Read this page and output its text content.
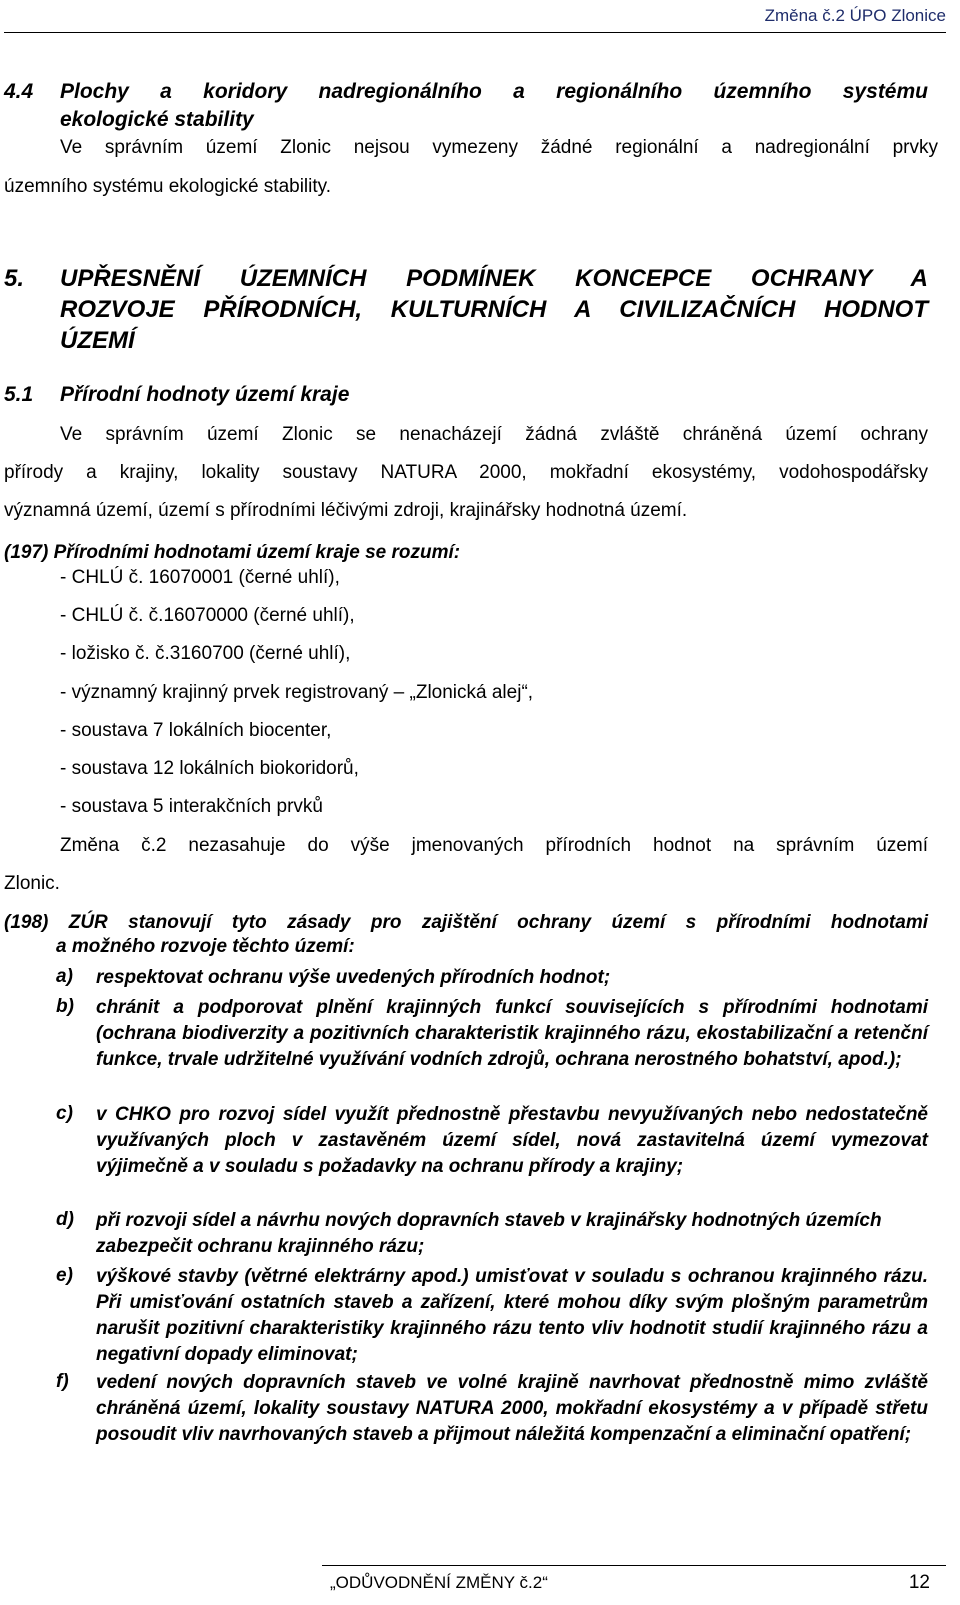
Změna č.2 ÚPO Zlonice
4.4 Plochy a koridory nadregionálního a regionálního územního systému
ekologické stability
Ve správním území Zlonic nejsou vymezeny žádné regionální a nadregionální prvky
územního systému ekologické stability.
5. UPŘESNĚNÍ ÚZEMNÍCH PODMÍNEK KONCEPCE OCHRANY A
ROZVOJE PŘÍRODNÍCH, KULTURNÍCH A CIVILIZAČNÍCH HODNOT
ÚZEMÍ
5.1 Přírodní hodnoty území kraje
Ve správním území Zlonic se nenacházejí žádná zvláště chráněná území ochrany
přírody a krajiny, lokality soustavy NATURA 2000, mokřadní ekosystémy, vodohospodářsky
významná území, území s přírodními léčivými zdroji, krajinářsky hodnotná území.
(197) Přírodními hodnotami území kraje se rozumí:
- CHLÚ č. 16070001 (černé uhlí),
- CHLÚ č. č.16070000 (černé uhlí),
- ložisko č. č.3160700 (černé uhlí),
- významný krajinný prvek registrovaný – „Zlonická alej“,
- soustava 7 lokálních biocenter,
- soustava 12 lokálních biokoridorů,
- soustava 5 interakčních prvků
Změna č.2 nezasahuje do výše jmenovaných přírodních hodnot na správním území
Zlonic.
(198) ZÚR stanovují tyto zásady pro zajištění ochrany území s přírodními hodnotami
a možného rozvoje těchto území:
a) respektovat ochranu výše uvedených přírodních hodnot;
b) chránit a podporovat plnění krajinných funkcí souvisejících s přírodními hodnotami (ochrana biodiverzity a pozitivních charakteristik krajinného rázu, ekostabilizační a retenční funkce, trvale udržitelné využívání vodních zdrojů, ochrana nerostného bohatství, apod.);
c) v CHKO pro rozvoj sídel využít přednostně přestavbu nevyužívaných nebo nedostatečně využívaných ploch v zastavěném území sídel, nová zastavitelná území vymezovat výjimečně a v souladu s požadavky na ochranu přírody a krajiny;
d) při rozvoji sídel a návrhu nových dopravních staveb v krajinářsky hodnotných územích zabezpečit ochranu krajinného rázu;
e) výškové stavby (větrné elektrárny apod.) umisťovat v souladu s ochranou krajinného rázu. Při umisťování ostatních staveb a zařízení, které mohou díky svým plošným parametrům narušit pozitivní charakteristiky krajinného rázu tento vliv hodnotit studií krajinného rázu a negativní dopady eliminovat;
f) vedení nových dopravních staveb ve volné krajině navrhovat přednostně mimo zvláště chráněná území, lokality soustavy NATURA 2000, mokřadní ekosystémy a v případě střetu posoudit vliv navrhovaných staveb a přijmout náležitá kompenzační a eliminační opatření;
„ODŮVODNĚNÍ ZMĚNY č.2“	12
